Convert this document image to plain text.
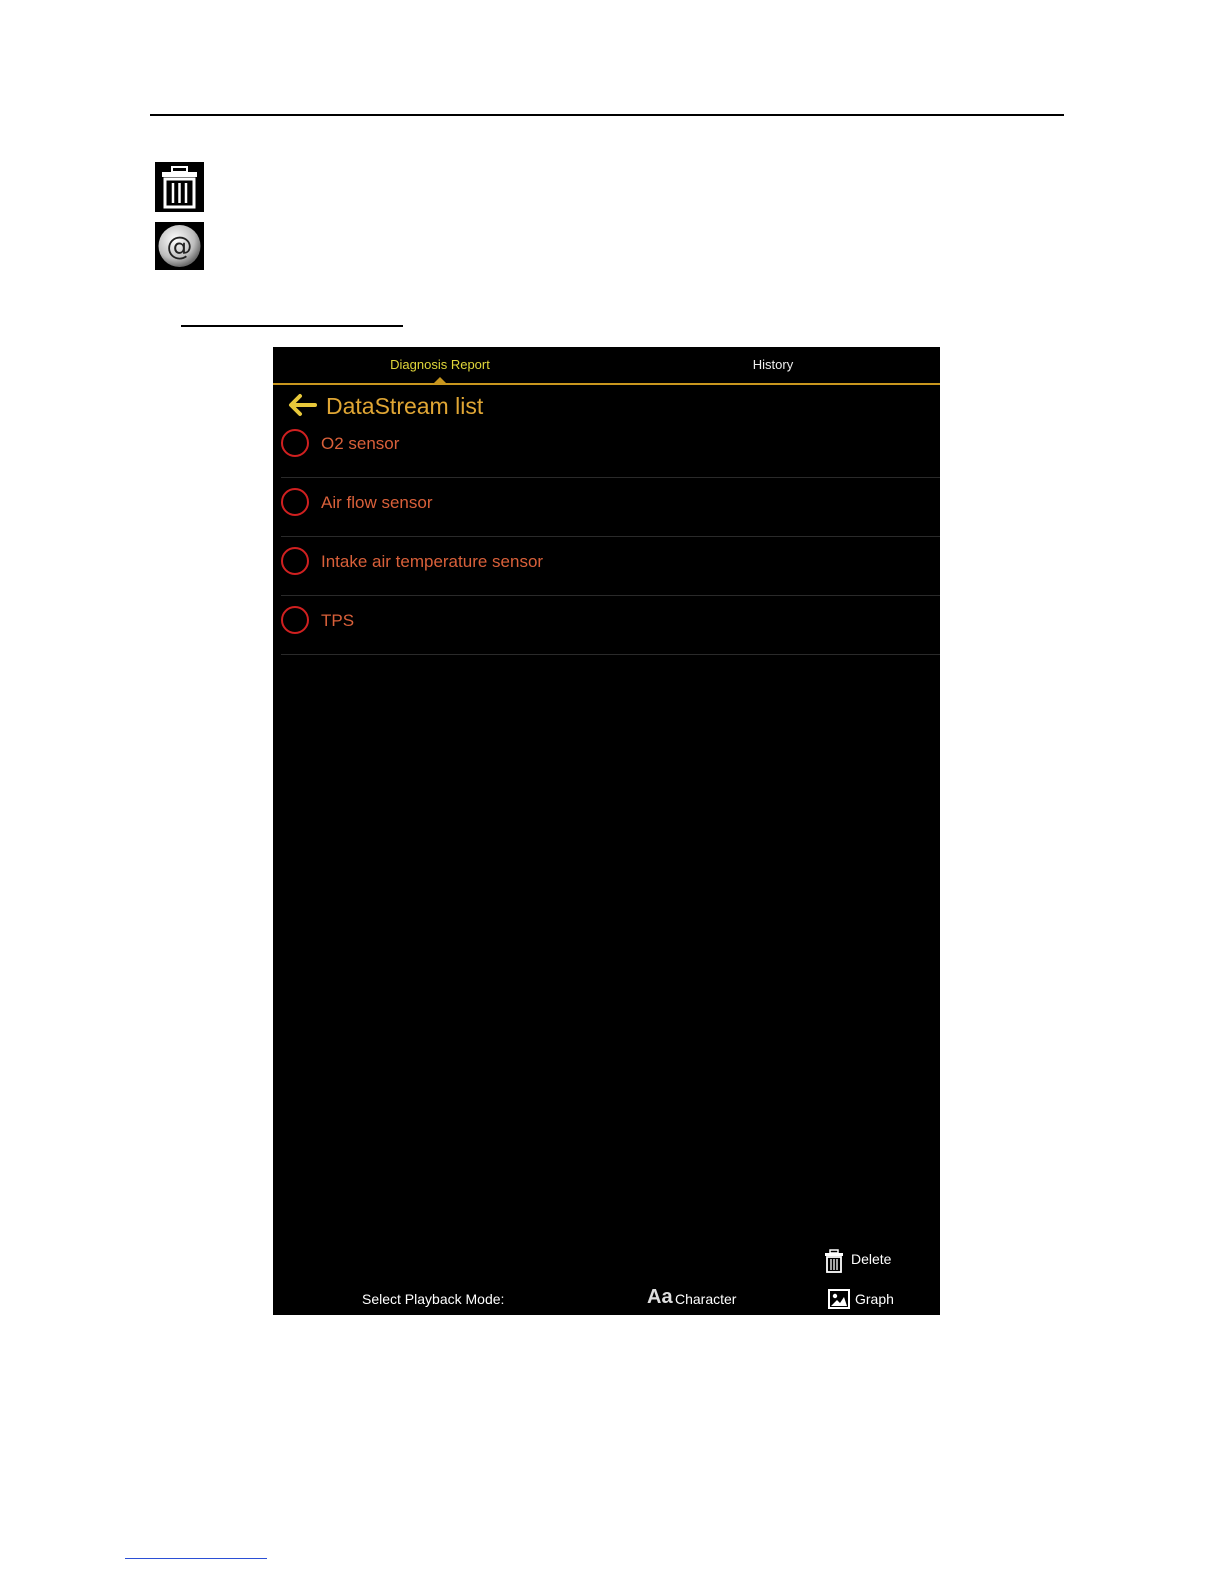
@
Diagnosis Report	History
DataStream list
O2 sensor
Air flow sensor
Intake air temperature sensor
TPS
Delete
Select Playback Mode:	Aa Character	Graph
